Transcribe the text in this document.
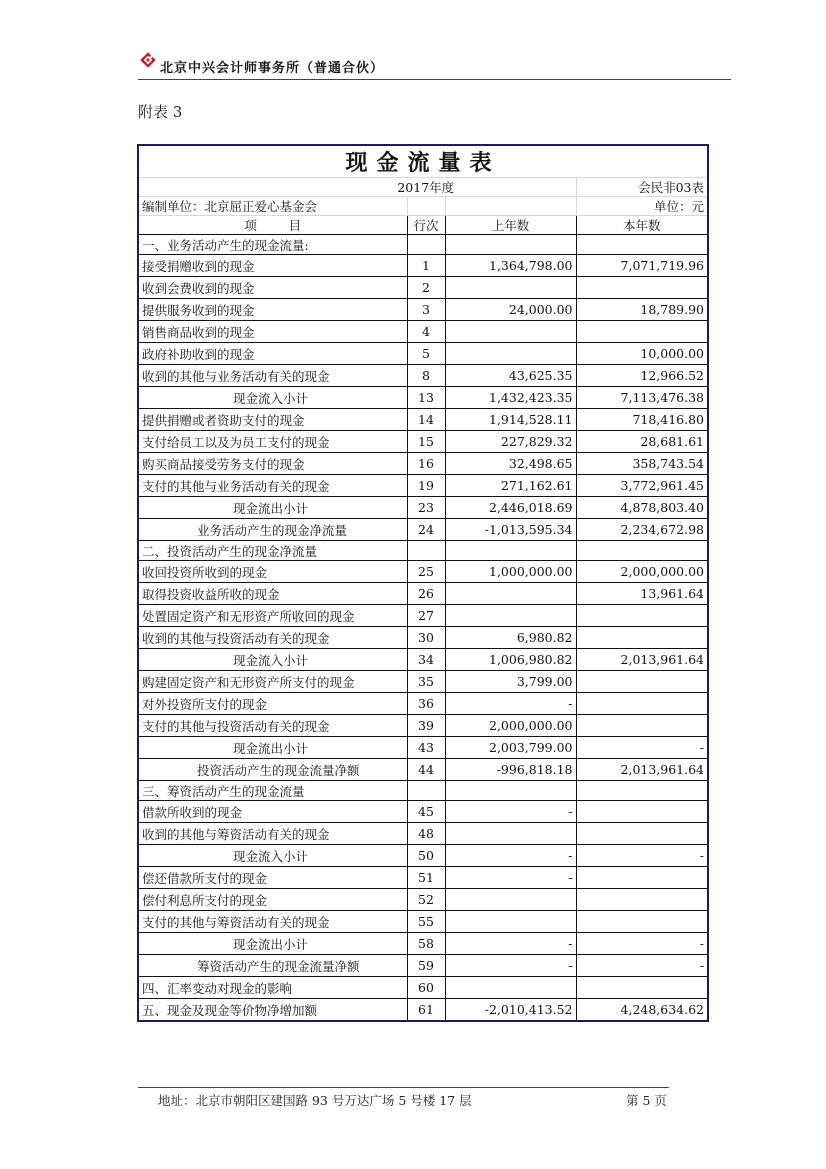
北京中兴会计师事务所（普通合伙）
附表 3
现金流量表			
2017年度			会民非03表
编制单位：北京屈正爱心基金会			单位：元
项        目	行次	上年数	本年数
一、业务活动产生的现金流量:			
接受捐赠收到的现金	1	1,364,798.00	7,071,719.96
收到会费收到的现金	2		
提供服务收到的现金	3	24,000.00	18,789.90
销售商品收到的现金	4		
政府补助收到的现金	5		10,000.00
收到的其他与业务活动有关的现金	8	43,625.35	12,966.52
现金流入小计	13	1,432,423.35	7,113,476.38
提供捐赠或者资助支付的现金	14	1,914,528.11	718,416.80
支付给员工以及为员工支付的现金	15	227,829.32	28,681.61
购买商品接受劳务支付的现金	16	32,498.65	358,743.54
支付的其他与业务活动有关的现金	19	271,162.61	3,772,961.45
现金流出小计	23	2,446,018.69	4,878,803.40
业务活动产生的现金净流量	24	-1,013,595.34	2,234,672.98
二、投资活动产生的现金净流量			
收回投资所收到的现金	25	1,000,000.00	2,000,000.00
取得投资收益所收的现金	26		13,961.64
处置固定资产和无形资产所收回的现金	27		
收到的其他与投资活动有关的现金	30	6,980.82	
现金流入小计	34	1,006,980.82	2,013,961.64
购建固定资产和无形资产所支付的现金	35	3,799.00	
对外投资所支付的现金	36	-	
支付的其他与投资活动有关的现金	39	2,000,000.00	
现金流出小计	43	2,003,799.00	-
投资活动产生的现金流量净额	44	-996,818.18	2,013,961.64
三、筹资活动产生的现金流量			
借款所收到的现金	45	-	
收到的其他与筹资活动有关的现金	48		
现金流入小计	50	-	-
偿还借款所支付的现金	51	-	
偿付利息所支付的现金	52		
支付的其他与筹资活动有关的现金	55		
现金流出小计	58	-	-
筹资活动产生的现金流量净额	59	-	-
四、汇率变动对现金的影响	60		
五、现金及现金等价物净增加额	61	-2,010,413.52	4,248,634.62
地址：北京市朝阳区建国路 93 号万达广场 5 号楼 17 层	第 5 页
